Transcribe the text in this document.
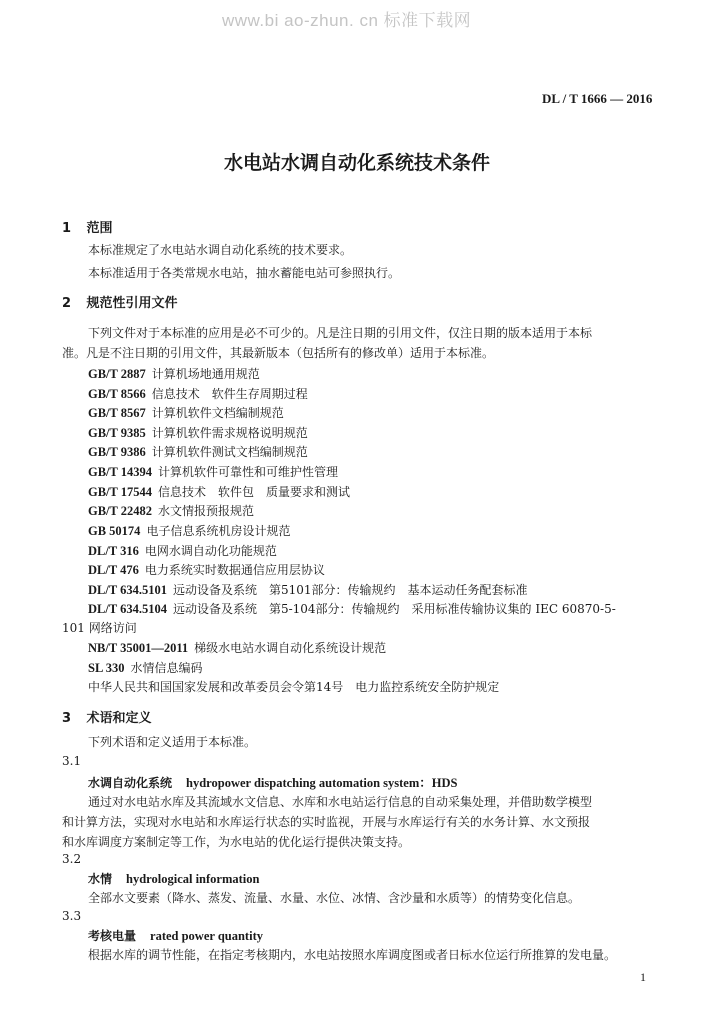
www.bi ao-zhun. cn 标准下载网
DL / T 1666 — 2016
水电站水调自动化系统技术条件
1 范围
本标准规定了水电站水调自动化系统的技术要求。
本标准适用于各类常规水电站，抽水蓄能电站可参照执行。
2 规范性引用文件
下列文件对于本标准的应用是必不可少的。凡是注日期的引用文件，仅注日期的版本适用于本标
准。凡是不注日期的引用文件，其最新版本（包括所有的修改单）适用于本标准。
GB/T 2887 计算机场地通用规范
GB/T 8566 信息技术　软件生存周期过程
GB/T 8567 计算机软件文档编制规范
GB/T 9385 计算机软件需求规格说明规范
GB/T 9386 计算机软件测试文档编制规范
GB/T 14394 计算机软件可靠性和可维护性管理
GB/T 17544 信息技术　软件包　质量要求和测试
GB/T 22482 水文情报预报规范
GB 50174 电子信息系统机房设计规范
DL/T 316 电网水调自动化功能规范
DL/T 476 电力系统实时数据通信应用层协议
DL/T 634.5101 远动设备及系统　第5101部分：传输规约　基本运动任务配套标准
DL/T 634.5104 远动设备及系统　第5-104部分：传输规约　采用标准传输协议集的 IEC 60870-5-
101 网络访问
NB/T 35001—2011 梯级水电站水调自动化系统设计规范
SL 330 水情信息编码
中华人民共和国国家发展和改革委员会令第14号　电力监控系统安全防护规定
3 术语和定义
下列术语和定义适用于本标准。
3.1
水调自动化系统 hydropower dispatching automation system：HDS
通过对水电站水库及其流域水文信息、水库和水电站运行信息的自动采集处理，并借助数学模型
和计算方法，实现对水电站和水库运行状态的实时监视，开展与水库运行有关的水务计算、水文预报
和水库调度方案制定等工作，为水电站的优化运行提供决策支持。
3.2
水情 hydrological information
全部水文要素（降水、蒸发、流量、水量、水位、冰情、含沙量和水质等）的情势变化信息。
3.3
考核电量 rated power quantity
根据水库的调节性能，在指定考核期内，水电站按照水库调度图或者日标水位运行所推算的发电量。
1
